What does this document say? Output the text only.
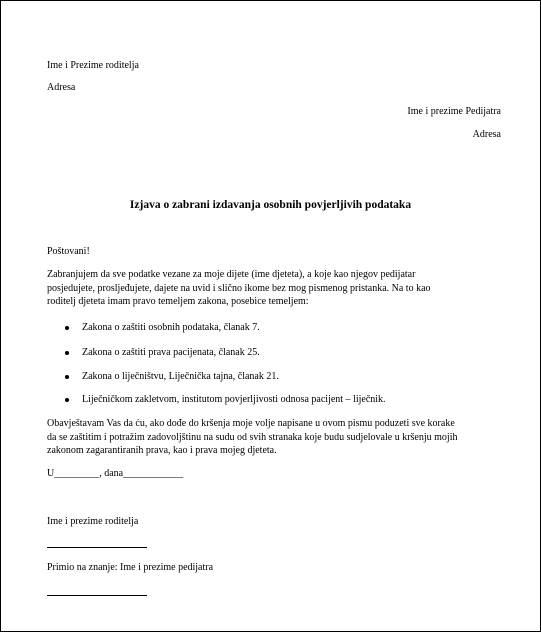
Ime i Prezime roditelja
Adresa
Ime i prezime Pedijatra
Adresa
Izjava o zabrani izdavanja osobnih povjerljivih podataka
Poštovani!
Zabranjujem da sve podatke vezane za moje dijete (ime djeteta), a koje kao njegov pedijatar
posjedujete, prosljeđujete, dajete na uvid i slično ikome bez mog pismenog pristanka. Na to kao
roditelj djeteta imam pravo temeljem zakona, posebice temeljem:
Zakona o zaštiti osobnih podataka, članak 7.
Zakona o zaštiti prava pacijenata, članak 25.
Zakona o liječništvu, Liječnička tajna, članak 21.
Liječničkom zakletvom, institutom povjerljivosti odnosa pacijent – liječnik.
Obavještavam Vas da ću, ako dođe do kršenja moje volje napisane u ovom pismu poduzeti sve korake
da se zaštitim i potražim zadovoljštinu na sudu od svih stranaka koje budu sudjelovale u kršenju mojih
zakonom zagarantiranih prava, kao i prava mojeg djeteta.
U_________, dana____________
Ime i prezime roditelja
Primio na znanje: Ime i prezime pedijatra
